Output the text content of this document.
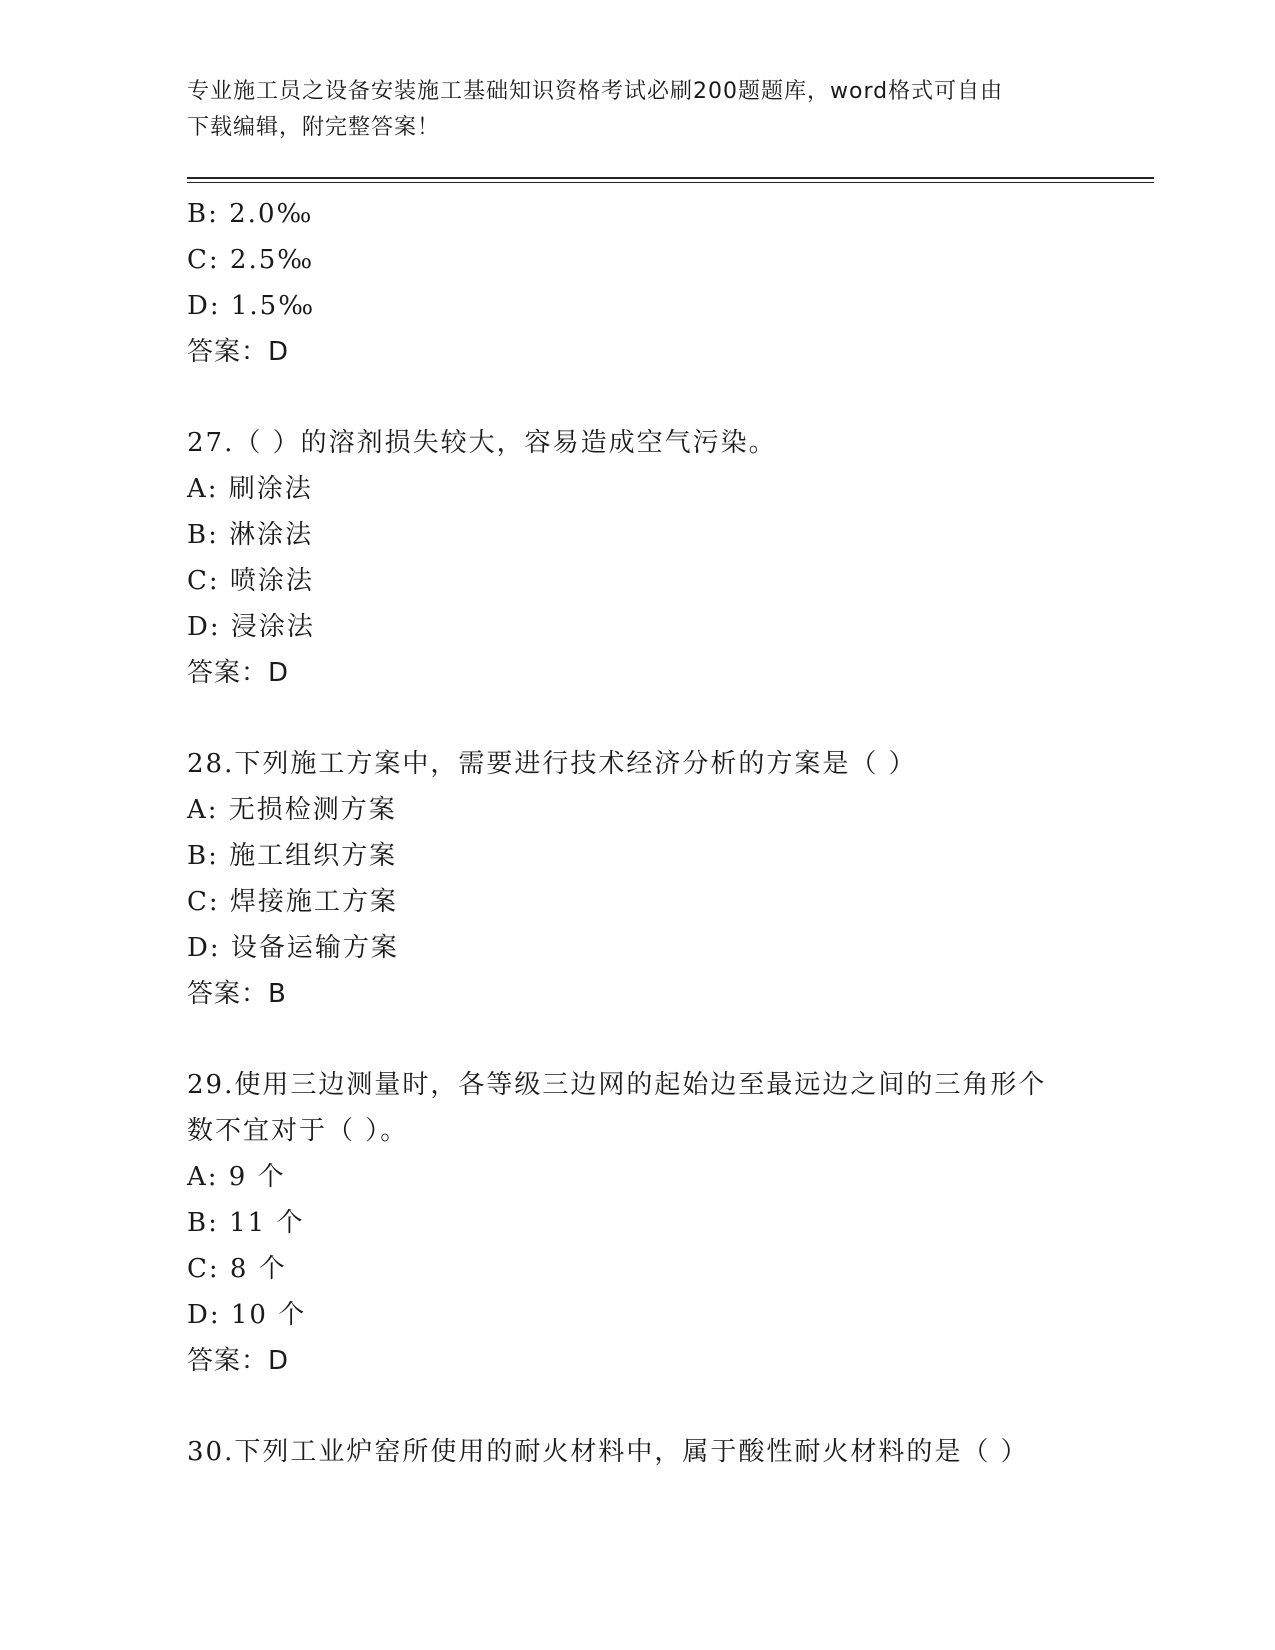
专业施工员之设备安装施工基础知识资格考试必刷200题题库，word格式可自由
下载编辑，附完整答案！
B: 2.0‰
C: 2.5‰
D: 1.5‰
答案：D
27.（ ）的溶剂损失较大，容易造成空气污染。
A: 刷涂法
B: 淋涂法
C: 喷涂法
D: 浸涂法
答案：D
28.下列施工方案中，需要进行技术经济分析的方案是（ ）
A: 无损检测方案
B: 施工组织方案
C: 焊接施工方案
D: 设备运输方案
答案：B
29.使用三边测量时，各等级三边网的起始边至最远边之间的三角形个
数不宜对于（ ）。
A: 9 个
B: 11 个
C: 8 个
D: 10 个
答案：D
30.下列工业炉窑所使用的耐火材料中，属于酸性耐火材料的是（ ）
